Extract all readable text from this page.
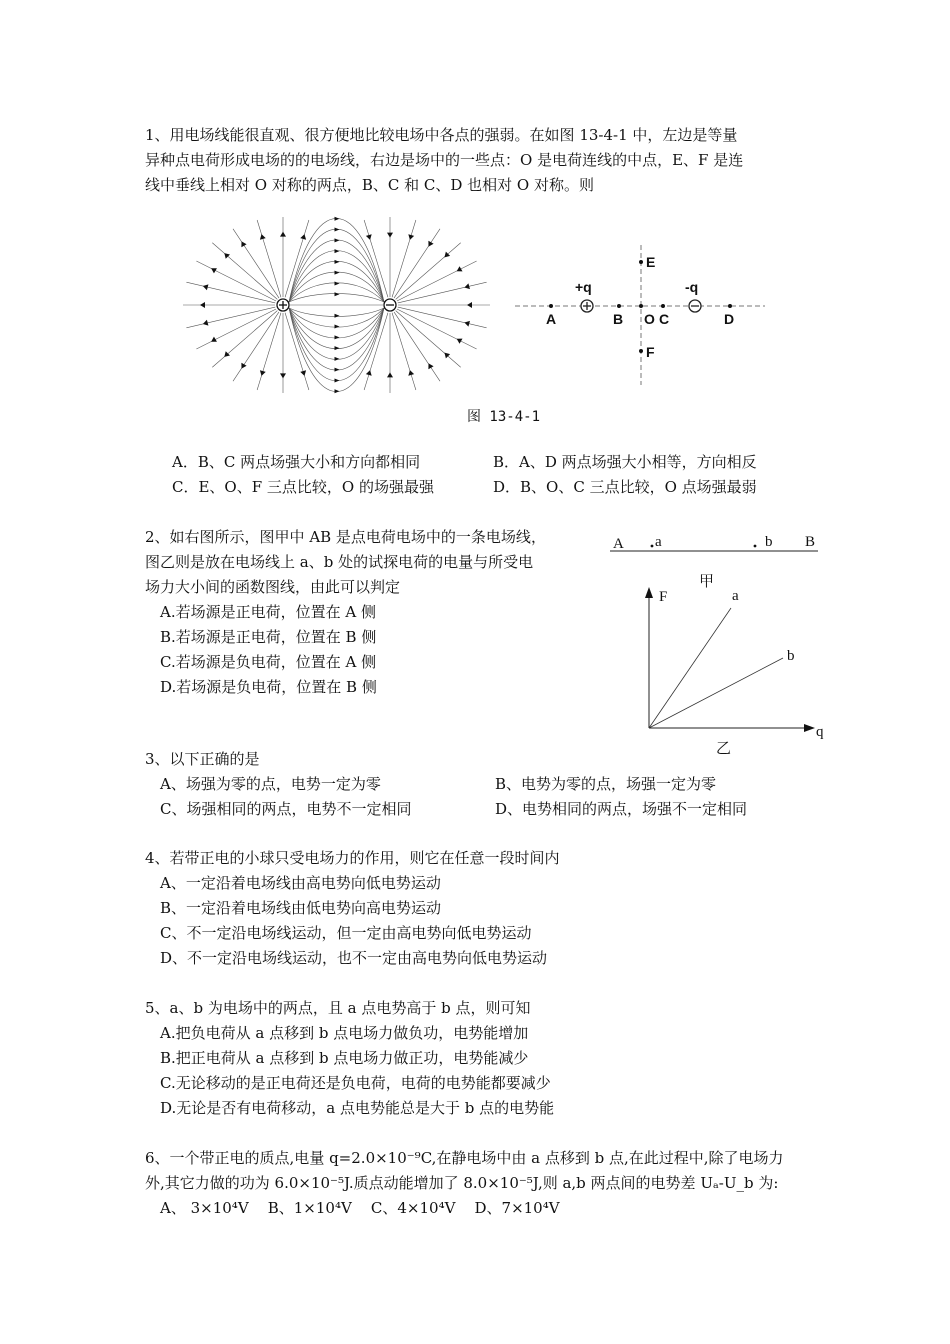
1、用电场线能很直观、很方便地比较电场中各点的强弱。在如图 13-4-1 中，左边是等量
异种点电荷形成电场的的电场线，右边是场中的一些点：O 是电荷连线的中点，E、F 是连
线中垂线上相对 O 对称的两点，B、C 和 C、D 也相对 O 对称。则
+q	-q
A	B O C	D
E
F
图 13-4-1
A．B、C 两点场强大小和方向都相同	B．A、D 两点场强大小相等，方向相反
C．E、O、F 三点比较，O 的场强最强	D．B、O、C 三点比较，O 点场强最弱
2、如右图所示，图甲中 AB 是点电荷电场中的一条电场线，
图乙则是放在电场线上 a、b 处的试探电荷的电量与所受电
场力大小间的函数图线，由此可以判定
A.若场源是正电荷，位置在 A 侧
B.若场源是正电荷，位置在 B 侧
C.若场源是负电荷，位置在 A 侧
D.若场源是负电荷，位置在 B 侧
A a	b B
甲
F
q
a
b
乙
3、以下正确的是
A、场强为零的点，电势一定为零	B、电势为零的点，场强一定为零
C、场强相同的两点，电势不一定相同	D、电势相同的两点，场强不一定相同
4、若带正电的小球只受电场力的作用，则它在任意一段时间内
A、一定沿着电场线由高电势向低电势运动
B、一定沿着电场线由低电势向高电势运动
C、不一定沿电场线运动，但一定由高电势向低电势运动
D、不一定沿电场线运动，也不一定由高电势向低电势运动
5、a、b 为电场中的两点，且 a 点电势高于 b 点，则可知
A.把负电荷从 a 点移到 b 点电场力做负功，电势能增加
B.把正电荷从 a 点移到 b 点电场力做正功，电势能减少
C.无论移动的是正电荷还是负电荷，电荷的电势能都要减少
D.无论是否有电荷移动，a 点电势能总是大于 b 点的电势能
6、一个带正电的质点,电量 q=2.0×10⁻⁹C,在静电场中由 a 点移到 b 点,在此过程中,除了电场力
外,其它力做的功为 6.0×10⁻⁵J.质点动能增加了 8.0×10⁻⁵J,则 a,b 两点间的电势差 Uₐ-U_b 为:
A、 3×10⁴V B、1×10⁴V C、4×10⁴V D、7×10⁴V
